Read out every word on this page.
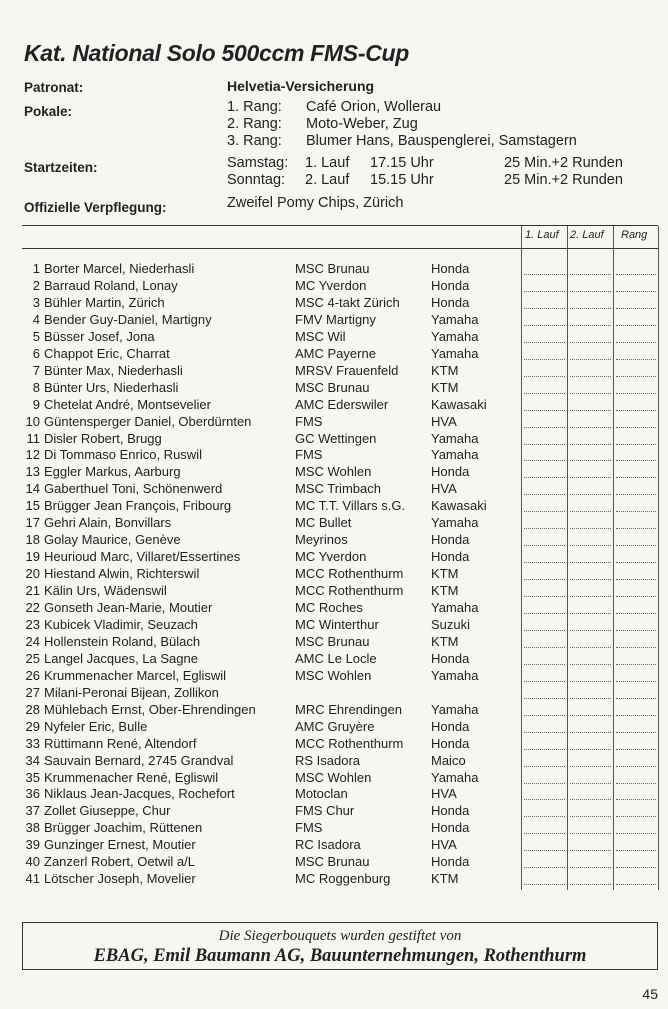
Kat. National Solo 500ccm FMS-Cup
Patronat:	Helvetia-Versicherung
Pokale:	1. Rang: Café Orion, Wollerau
2. Rang: Moto-Weber, Zug
3. Rang: Blumer Hans, Bauspenglerei, Samstagern
Startzeiten:	Samstag: 1. Lauf 17.15 Uhr	25 Min.+2 Runden
Sonntag: 2. Lauf 15.15 Uhr	25 Min.+2 Runden
Offizielle Verpflegung:	Zweifel Pomy Chips, Zürich
1. Lauf 2. Lauf Rang
1 Borter Marcel, Niederhasli	MSC Brunau	Honda
2 Barraud Roland, Lonay	MC Yverdon	Honda
3 Bühler Martin, Zürich	MSC 4-takt Zürich Honda
4 Bender Guy-Daniel, Martigny	FMV Martigny	Yamaha
5 Büsser Josef, Jona	MSC Wil	Yamaha
6 Chappot Eric, Charrat	AMC Payerne	Yamaha
7 Bünter Max, Niederhasli	MRSV Frauenfeld	KTM
8 Bünter Urs, Niederhasli	MSC Brunau	KTM
9 Chetelat André, Montsevelier	AMC Ederswiler	Kawasaki
10 Güntensperger Daniel, Oberdürnten	FMS	HVA
11 Disler Robert, Brugg	GC Wettingen	Yamaha
12 Di Tommaso Enrico, Ruswil	FMS	Yamaha
13 Eggler Markus, Aarburg	MSC Wohlen	Honda
14 Gaberthuel Toni, Schönenwerd	MSC Trimbach	HVA
15 Brügger Jean François, Fribourg	MC T.T. Villars s.G. Kawasaki
17 Gehri Alain, Bonvillars	MC Bullet	Yamaha
18 Golay Maurice, Genève	Meyrinos	Honda
19 Heurioud Marc, Villaret/Essertines	MC Yverdon	Honda
20 Hiestand Alwin, Richterswil	MCC Rothenthurm KTM
21 Kälin Urs, Wädenswil	MCC Rothenthurm KTM
22 Gonseth Jean-Marie, Moutier	MC Roches	Yamaha
23 Kubicek Vladimir, Seuzach	MC Winterthur	Suzuki
24 Hollenstein Roland, Bülach	MSC Brunau	KTM
25 Langel Jacques, La Sagne	AMC Le Locle	Honda
26 Krummenacher Marcel, Egliswil	MSC Wohlen	Yamaha
27 Milani-Peronai Bijean, Zollikon
28 Mühlebach Ernst, Ober-Ehrendingen	MRC Ehrendingen Yamaha
29 Nyfeler Eric, Bulle	AMC Gruyère	Honda
33 Rüttimann René, Altendorf	MCC Rothenthurm Honda
34 Sauvain Bernard, 2745 Grandval	RS Isadora	Maico
35 Krummenacher René, Egliswil	MSC Wohlen	Yamaha
36 Niklaus Jean-Jacques, Rochefort	Motoclan	HVA
37 Zollet Giuseppe, Chur	FMS Chur	Honda
38 Brügger Joachim, Rüttenen	FMS	Honda
39 Gunzinger Ernest, Moutier	RC Isadora	HVA
40 Zanzerl Robert, Oetwil a/L	MSC Brunau	Honda
41 Lötscher Joseph, Movelier	MC Roggenburg	KTM
Die Siegerbouquets wurden gestiftet von
EBAG, Emil Baumann AG, Bauunternehmungen, Rothenthurm
45
